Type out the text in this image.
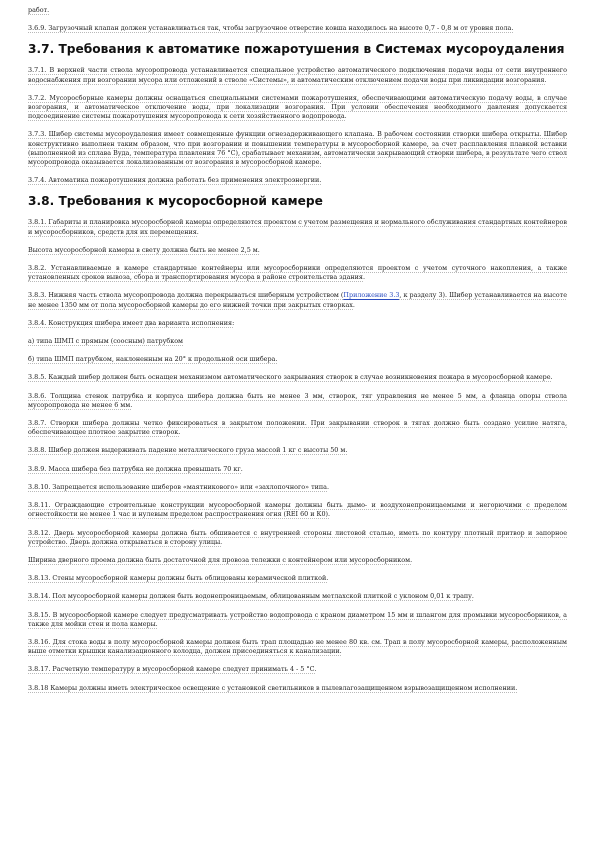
работ.

3.6.9. Загрузочный клапан должен устанавливаться так, чтобы загрузочное отверстие ковша находилось на высоте 0,7 - 0,8 м от уровня пола.

3.7. Требования к автоматике пожаротушения в Системах мусороудаления

3.7.1. В верхней части ствола мусоропровода устанавливается специальное устройство автоматического подключения подачи воды от сети внутреннего водоснабжения при возгорании мусора или отложений в стволе «Системы», и автоматическим отключением подачи воды при ликвидации возгорания.

3.7.2. Мусоросборные камеры должны оснащаться специальными системами пожаротушения, обеспечивающими автоматическую подачу воды, в случае возгорания, и автоматическое отключение воды, при локализации возгорания. При условии обеспечения необходимого давления допускается подсоединение системы пожаротушения мусоропровода к сети хозяйственного водопровода.

3.7.3. Шибер системы мусороудаления имеет совмещенные функции огнезадерживающего клапана. В рабочем состоянии створки шибера открыты. Шибер конструктивно выполнен таким образом, что при возгорании и повышении температуры в мусоросборной камере, за счет расплавления плавкой вставки (выполненной из сплава Вуда, температура плавления 76 °С), срабатывает механизм, автоматически закрывающий створки шибера, в результате чего ствол мусоропровода оказывается локализованным от возгорания в мусоросборной камере.

3.7.4. Автоматика пожаротушения должна работать без применения электроэнергии.

3.8. Требования к мусоросборной камере

3.8.1. Габариты и планировка мусоросборной камеры определяются проектом с учетом размещения и нормального обслуживания стандартных контейнеров и мусоросборников, средств для их перемещения.

Высота мусоросборной камеры в свету должна быть не менее 2,5 м.

3.8.2. Устанавливаемые в камере стандартные контейнеры или мусоросборники определяются проектом с учетом суточного накопления, а также установленных сроков вывоза, сбора и транспортирования мусора в районе строительства здания.

3.8.3. Нижняя часть ствола мусоропровода должна перекрываться шиберным устройством (Приложение 3.3, к разделу 3). Шибер устанавливается на высоте не менее 1350 мм от пола мусоросборной камеры до его нижней точки при закрытых створках.

3.8.4. Конструкция шибера имеет два варианта исполнения:

а) типа ШМП с прямым (соосным) патрубком

б) типа ШМП патрубком, наклоненным на 20° к продольной оси шибера.

3.8.5. Каждый шибер должен быть оснащен механизмом автоматического закрывания створок в случае возникновения пожара в мусоросборной камере.

3.8.6. Толщина стенок патрубка и корпуса шибера должна быть не менее 3 мм, створок, тяг управления не менее 5 мм, а фланца опоры ствола мусоропровода не менее 6 мм.

3.8.7. Створки шибера должны четко фиксироваться в закрытом положении. При закрывании створок в тягах должно быть создано усилие натяга, обеспечивающее плотное закрытие створок.

3.8.8. Шибер должен выдерживать падение металлического груза массой 1 кг с высоты 50 м.

3.8.9. Масса шибера без патрубка не должна превышать 70 кг.

3.8.10. Запрещается использование шиберов «маятникового» или «захлопочного» типа.

3.8.11. Ограждающие строительные конструкции мусоросборной камеры должны быть дымо- и воздухонепроницаемыми и негорючими с пределом огнестойкости не менее 1 час и нулевым пределом распространения огня (RЕI 60 и К0).

3.8.12. Дверь мусоросборной камеры должна быть обшивается с внутренней стороны листовой сталью, иметь по контуру плотный притвор и запорное устройство. Дверь должна открываться в сторону улицы.

Ширина дверного проема должна быть достаточной для провоза тележки с контейнером или мусоросборником.

3.8.13. Стены мусоросборной камеры должны быть облицованы керамической плиткой.

3.8.14. Пол мусоросборной камеры должен быть водонепроницаемым, облицованным метлахской плиткой с уклоном 0,01 к трапу.

3.8.15. В мусоросборной камере следует предусматривать устройство водопровода с краном диаметром 15 мм и шлангом для промывки мусоросборников, а также для мойки стен и пола камеры.

3.8.16. Для стока воды в полу мусоросборной камеры должен быть трап площадью не менее 80 кв. см. Трап в полу мусоросборной камеры, расположенным выше отметки крышки канализационного колодца, должен присоединяться к канализации.

3.8.17. Расчетную температуру в мусоросборной камере следует принимать 4 - 5 °С.

3.8.18 Камеры должны иметь электрическое освещение с установкой светильников в пылевлагозащищенном взрывозащищенном исполнении.
